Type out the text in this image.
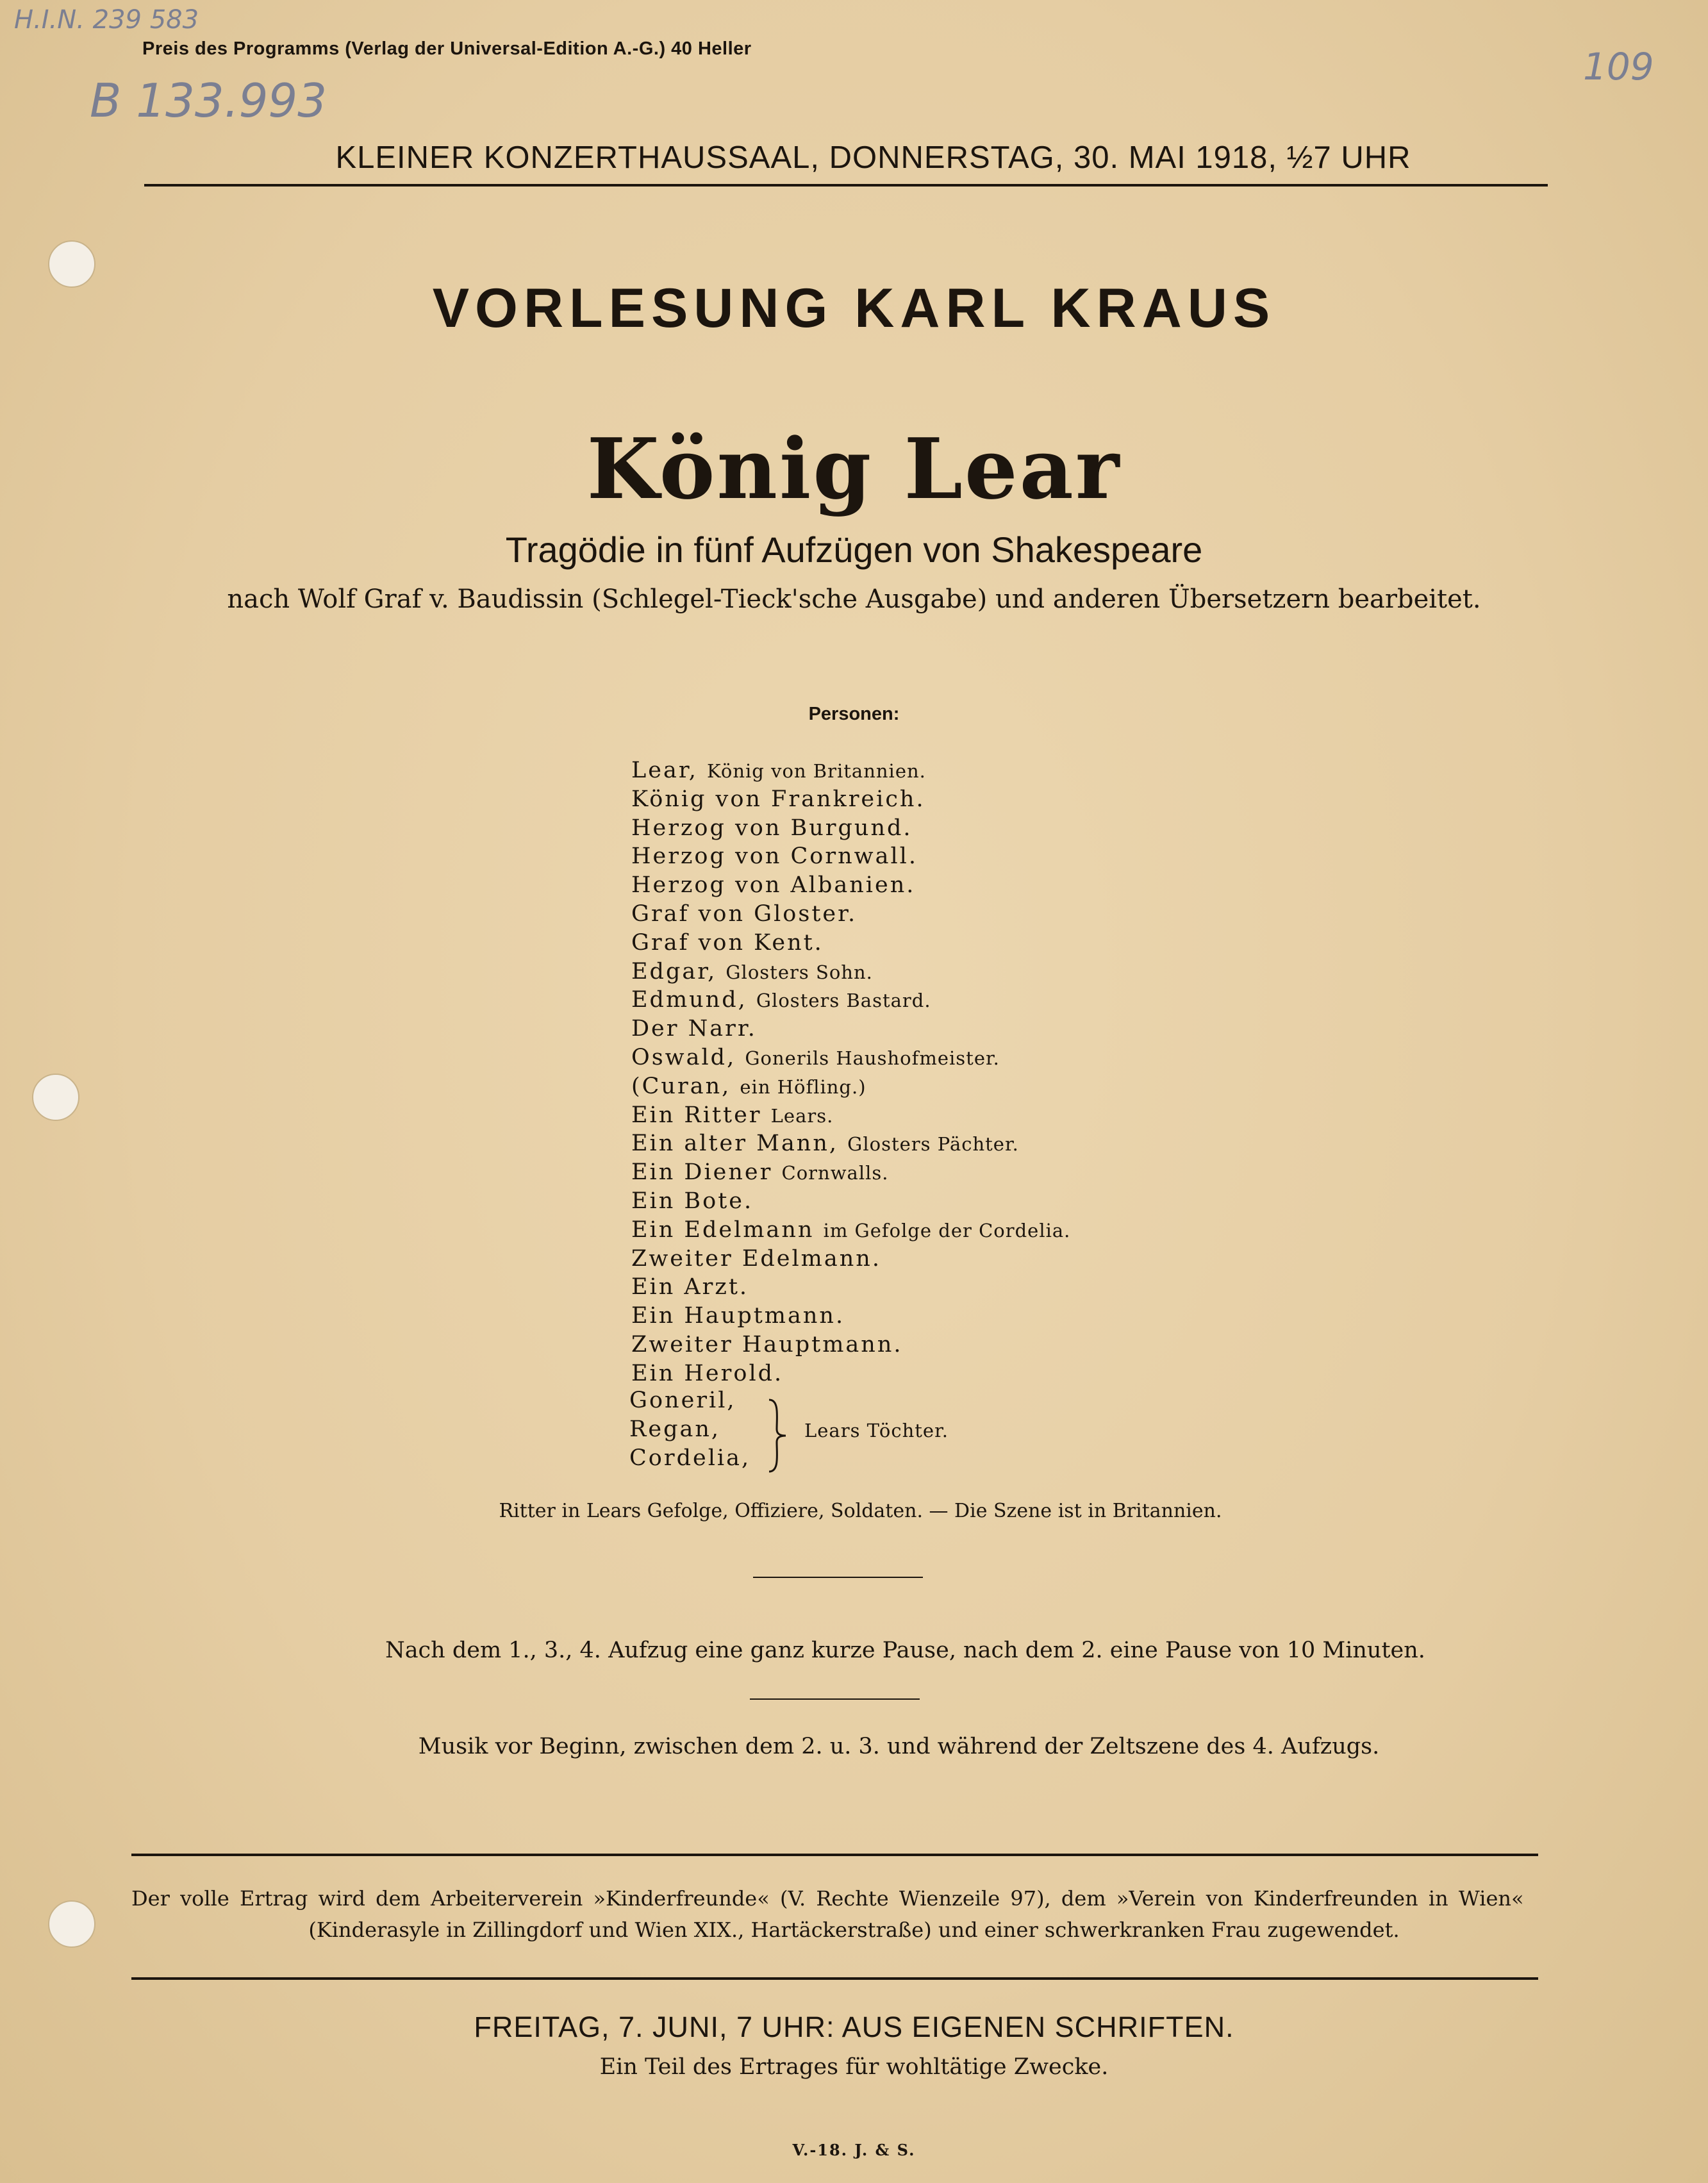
H.I.N. 239 583
B 133.993
109
Preis des Programms (Verlag der Universal-Edition A.-G.) 40 Heller
KLEINER KONZERTHAUSSAAL, DONNERSTAG, 30. MAI 1918, ½7 UHR
VORLESUNG KARL KRAUS
König Lear
Tragödie in fünf Aufzügen von Shakespeare
nach Wolf Graf v. Baudissin (Schlegel-Tieck'sche Ausgabe) und anderen Übersetzern bearbeitet.
Personen:
Lear, König von Britannien.
König von Frankreich.
Herzog von Burgund.
Herzog von Cornwall.
Herzog von Albanien.
Graf von Gloster.
Graf von Kent.
Edgar, Glosters Sohn.
Edmund, Glosters Bastard.
Der Narr.
Oswald, Gonerils Haushofmeister.
(Curan, ein Höfling.)
Ein Ritter Lears.
Ein alter Mann, Glosters Pächter.
Ein Diener Cornwalls.
Ein Bote.
Ein Edelmann im Gefolge der Cordelia.
Zweiter Edelmann.
Ein Arzt.
Ein Hauptmann.
Zweiter Hauptmann.
Ein Herold.
Goneril,
Regan,
Cordelia,
Lears Töchter.
Ritter in Lears Gefolge, Offiziere, Soldaten. — Die Szene ist in Britannien.
Nach dem 1., 3., 4. Aufzug eine ganz kurze Pause, nach dem 2. eine Pause von 10 Minuten.
Musik vor Beginn, zwischen dem 2. u. 3. und während der Zeltszene des 4. Aufzugs.
Der volle Ertrag wird dem Arbeiterverein »Kinderfreunde« (V. Rechte Wienzeile 97), dem »Verein von Kinderfreunden in Wien«
(Kinderasyle in Zillingdorf und Wien XIX., Hartäckerstraße) und einer schwerkranken Frau zugewendet.
FREITAG, 7. JUNI, 7 UHR: AUS EIGENEN SCHRIFTEN.
Ein Teil des Ertrages für wohltätige Zwecke.
V.-18. J. & S.
